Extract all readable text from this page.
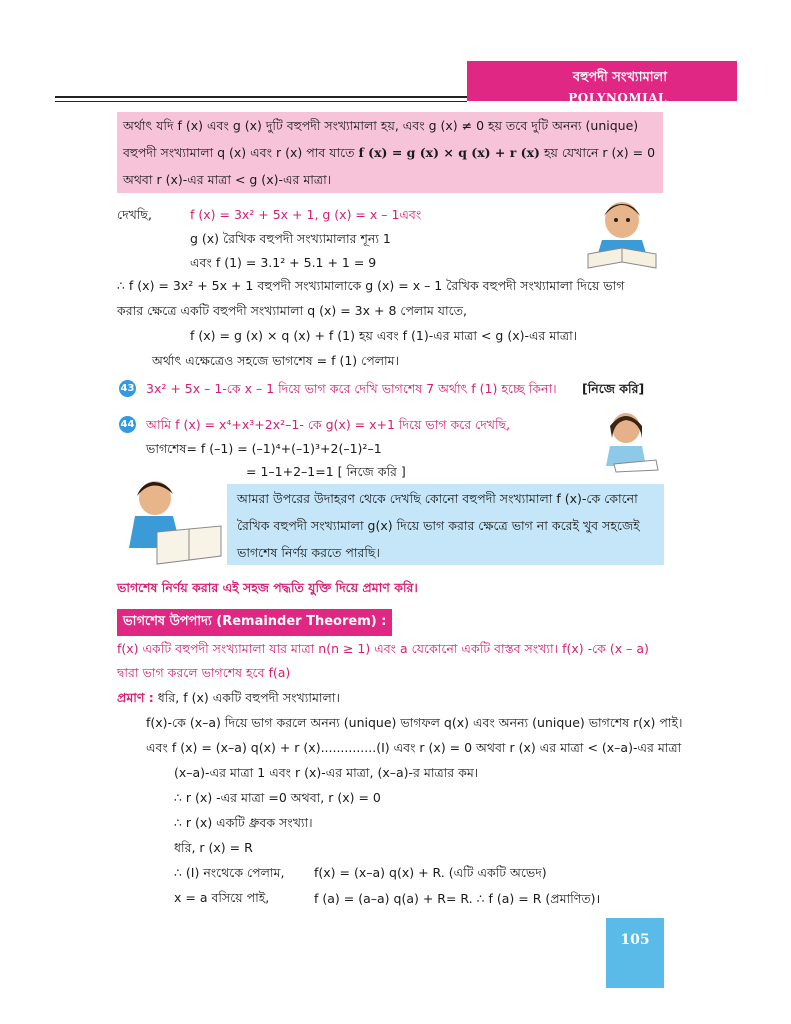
বহুপদী সংখ্যামালা
POLYNOMIAL
অর্থাৎ যদি f (x) এবং g (x) দুটি বহুপদী সংখ্যামালা হয়, এবং g (x) ≠ 0 হয় তবে দুটি অনন্য (unique)
বহুপদী সংখ্যামালা q (x) এবং r (x) পাব যাতে f (x) = g (x) × q (x) + r (x) হয় যেখানে r (x) = 0
অথবা r (x)-এর মাত্রা < g (x)-এর মাত্রা।
দেখছি,	f (x) = 3x² + 5x + 1, g (x) = x – 1এবং
g (x) রৈখিক বহুপদী সংখ্যামালার শূন্য 1
এবং f (1) = 3.1² + 5.1 + 1 = 9
∴ f (x) = 3x² + 5x + 1 বহুপদী সংখ্যামালাকে g (x) = x – 1 রৈখিক বহুপদী সংখ্যামালা দিয়ে ভাগ
করার ক্ষেত্রে একটি বহুপদী সংখ্যামালা q (x) = 3x + 8 পেলাম যাতে,
f (x) = g (x) × q (x) + f (1) হয় এবং f (1)-এর মাত্রা < g (x)-এর মাত্রা।
অর্থাৎ এক্ষেত্রেও সহজে ভাগশেষ = f (1) পেলাম।
43 3x² + 5x – 1-কে x – 1 দিয়ে ভাগ করে দেখি ভাগশেষ 7 অর্থাৎ f (1) হচ্ছে কিনা। [নিজে করি]
44 আমি f (x) = x⁴+x³+2x²–1- কে g(x) = x+1 দিয়ে ভাগ করে দেখছি,
ভাগশেষ= f (–1) = (–1)⁴+(–1)³+2(–1)²–1
= 1–1+2–1=1 [ নিজে করি ]
আমরা উপরের উদাহরণ থেকে দেখছি কোনো বহুপদী সংখ্যামালা f (x)-কে কোনো
রৈখিক বহুপদী সংখ্যামালা g(x) দিয়ে ভাগ করার ক্ষেত্রে ভাগ না করেই খুব সহজেই
ভাগশেষ নির্ণয় করতে পারছি।
ভাগশেষ নির্ণয় করার এই সহজ পদ্ধতি যুক্তি দিয়ে প্রমাণ করি।
ভাগশেষ উপপাদ্য (Remainder Theorem) :
f(x) একটি বহুপদী সংখ্যামালা যার মাত্রা n(n ≥ 1) এবং a যেকোনো একটি বাস্তব সংখ্যা। f(x) -কে (x – a)
দ্বারা ভাগ করলে ভাগশেষ হবে f(a)
প্রমাণ : ধরি, f (x) একটি বহুপদী সংখ্যামালা।
f(x)-কে (x–a) দিয়ে ভাগ করলে অনন্য (unique) ভাগফল q(x) এবং অনন্য (unique) ভাগশেষ r(x) পাই।
এবং f (x) = (x–a) q(x) + r (x)..............(I) এবং r (x) = 0 অথবা r (x) এর মাত্রা < (x–a)-এর মাত্রা
(x–a)-এর মাত্রা 1 এবং r (x)-এর মাত্রা, (x–a)-র মাত্রার কম।
∴ r (x) -এর মাত্রা =0 অথবা, r (x) = 0
∴ r (x) একটি ধ্রুবক সংখ্যা।
ধরি, r (x) = R
∴ (I) নংথেকে পেলাম, f(x) = (x–a) q(x) + R. (এটি একটি অভেদ)
x = a বসিয়ে পাই,	f (a) = (a–a) q(a) + R= R. ∴ f (a) = R (প্রমাণিত)।
105
